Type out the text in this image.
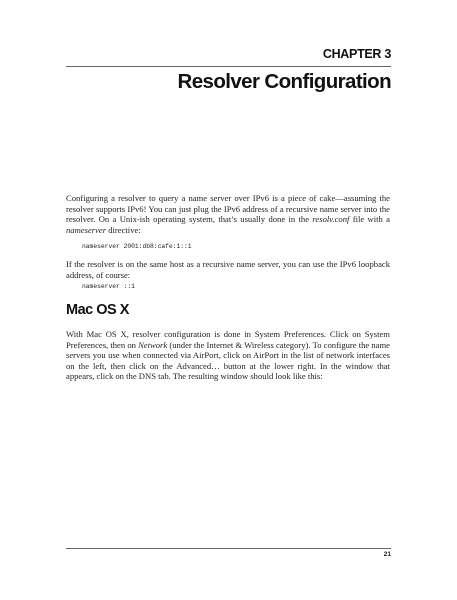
CHAPTER 3
Resolver Configuration

Configuring a resolver to query a name server over IPv6 is a piece of cake—assuming the resolver supports IPv6! You can just plug the IPv6 address of a recursive name server into the resolver. On a Unix-ish operating system, that’s usually done in the resolv.conf file with a nameserver directive:

nameserver 2001:db8:cafe:1::1

If the resolver is on the same host as a recursive name server, you can use the IPv6 loopback address, of course:

nameserver ::1
Mac OS X

With Mac OS X, resolver configuration is done in System Preferences. Click on System Preferences, then on Network (under the Internet & Wireless category). To configure the name servers you use when connected via AirPort, click on AirPort in the list of network interfaces on the left, then click on the Advanced… button at the lower right. In the window that appears, click on the DNS tab. The resulting window should look like this:

21
